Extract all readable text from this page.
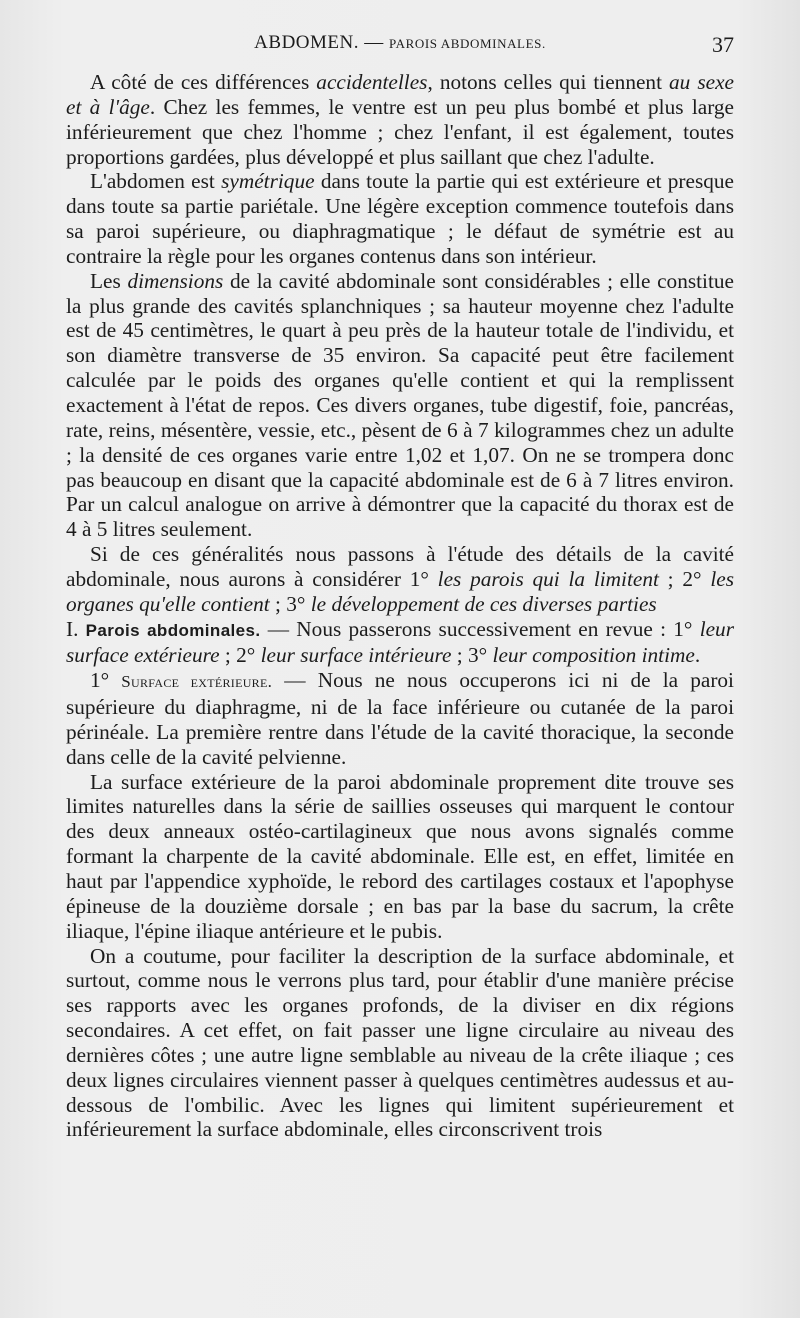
ABDOMEN. — PAROIS ABDOMINALES.	37

A côté de ces différences accidentelles, notons celles qui tiennent au sexe et à l'âge. Chez les femmes, le ventre est un peu plus bombé et plus large inférieurement que chez l'homme ; chez l'enfant, il est également, toutes proportions gardées, plus développé et plus saillant que chez l'adulte.

L'abdomen est symétrique dans toute la partie qui est extérieure et presque dans toute sa partie pariétale. Une légère exception commence toutefois dans sa paroi supérieure, ou diaphragmatique ; le défaut de symétrie est au contraire la règle pour les organes contenus dans son intérieur.

Les dimensions de la cavité abdominale sont considérables ; elle constitue la plus grande des cavités splanchniques ; sa hauteur moyenne chez l'adulte est de 45 centimètres, le quart à peu près de la hauteur totale de l'individu, et son diamètre transverse de 35 environ. Sa capacité peut être facilement calculée par le poids des organes qu'elle contient et qui la remplissent exactement à l'état de repos. Ces divers organes, tube digestif, foie, pancréas, rate, reins, mésentère, vessie, etc., pèsent de 6 à 7 kilogrammes chez un adulte ; la densité de ces organes varie entre 1,02 et 1,07. On ne se trompera donc pas beaucoup en disant que la capacité abdominale est de 6 à 7 litres environ. Par un calcul analogue on arrive à démontrer que la capacité du thorax est de 4 à 5 litres seulement.

Si de ces généralités nous passons à l'étude des détails de la cavité abdominale, nous aurons à considérer 1° les parois qui la limitent ; 2° les organes qu'elle contient ; 3° le développement de ces diverses parties

I. Parois abdominales. — Nous passerons successivement en revue : 1° leur surface extérieure ; 2° leur surface intérieure ; 3° leur composition intime.

1° Surface extérieure. — Nous ne nous occuperons ici ni de la paroi supérieure du diaphragme, ni de la face inférieure ou cutanée de la paroi périnéale. La première rentre dans l'étude de la cavité thoracique, la seconde dans celle de la cavité pelvienne.

La surface extérieure de la paroi abdominale proprement dite trouve ses limites naturelles dans la série de saillies osseuses qui marquent le contour des deux anneaux ostéo-cartilagineux que nous avons signalés comme formant la charpente de la cavité abdominale. Elle est, en effet, limitée en haut par l'appendice xyphoïde, le rebord des cartilages costaux et l'apophyse épineuse de la douzième dorsale ; en bas par la base du sacrum, la crête iliaque, l'épine iliaque antérieure et le pubis.

On a coutume, pour faciliter la description de la surface abdominale, et surtout, comme nous le verrons plus tard, pour établir d'une manière précise ses rapports avec les organes profonds, de la diviser en dix régions secondaires. A cet effet, on fait passer une ligne circulaire au niveau des dernières côtes ; une autre ligne semblable au niveau de la crête iliaque ; ces deux lignes circulaires viennent passer à quelques centimètres audessus et au-dessous de l'ombilic. Avec les lignes qui limitent supérieurement et inférieurement la surface abdominale, elles circonscrivent trois
